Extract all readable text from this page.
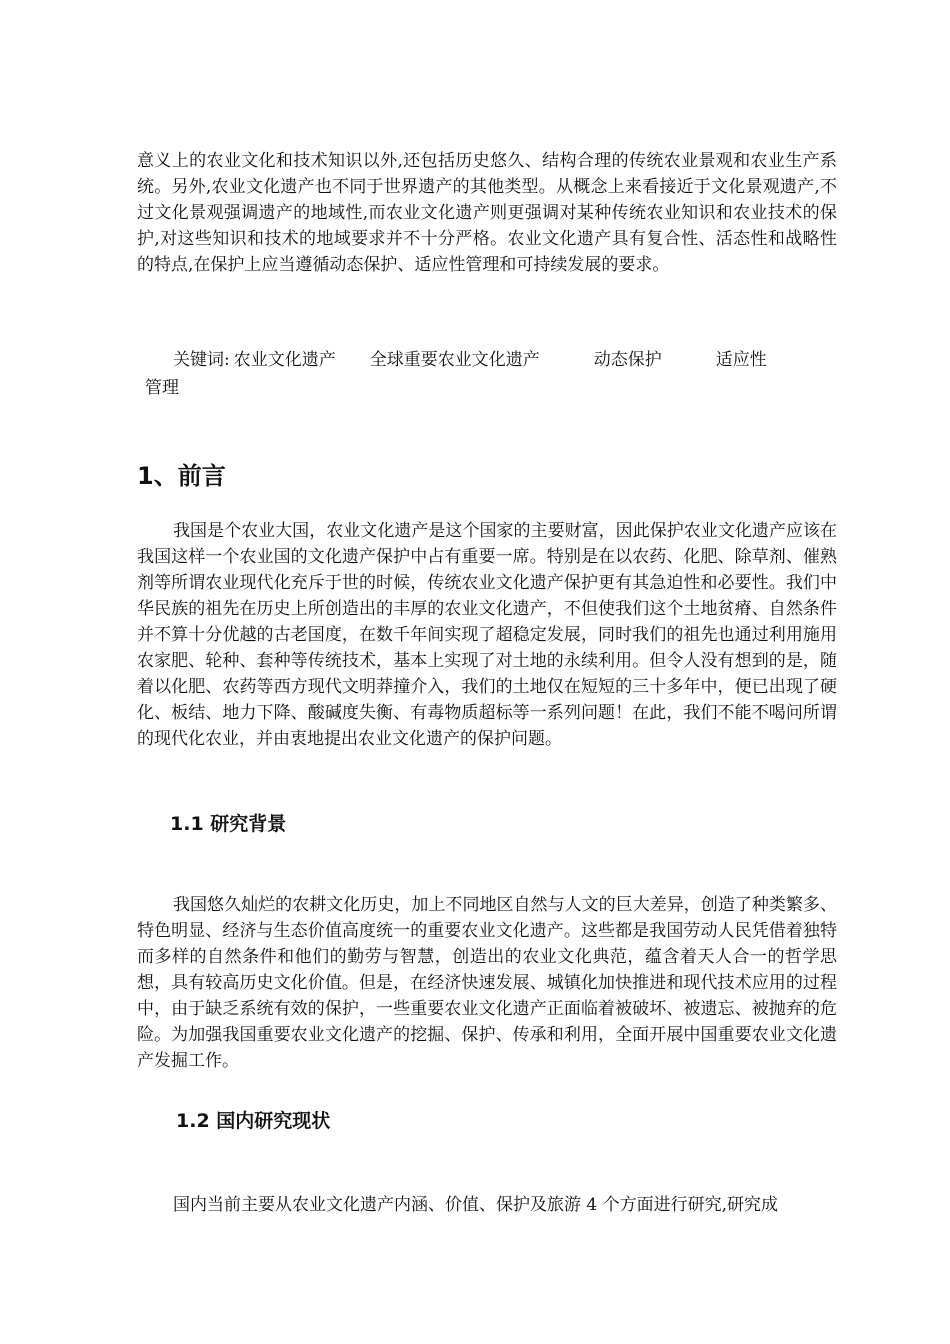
意义上的农业文化和技术知识以外,还包括历史悠久、结构合理的传统农业景观和农业生产系统。另外,农业文化遗产也不同于世界遗产的其他类型。从概念上来看接近于文化景观遗产,不过文化景观强调遗产的地域性,而农业文化遗产则更强调对某种传统农业知识和农业技术的保护,对这些知识和技术的地域要求并不十分严格。农业文化遗产具有复合性、活态性和战略性的特点,在保护上应当遵循动态保护、适应性管理和可持续发展的要求。

关键词: 农业文化遗产 全球重要农业文化遗产	动态保护	适应性
管理
1、前言

我国是个农业大国，农业文化遗产是这个国家的主要财富，因此保护农业文化遗产应该在我国这样一个农业国的文化遗产保护中占有重要一席。特别是在以农药、化肥、除草剂、催熟剂等所谓农业现代化充斥于世的时候，传统农业文化遗产保护更有其急迫性和必要性。我们中华民族的祖先在历史上所创造出的丰厚的农业文化遗产，不但使我们这个土地贫瘠、自然条件并不算十分优越的古老国度，在数千年间实现了超稳定发展，同时我们的祖先也通过利用施用农家肥、轮种、套种等传统技术，基本上实现了对土地的永续利用。但令人没有想到的是，随着以化肥、农药等西方现代文明莽撞介入，我们的土地仅在短短的三十多年中，便已出现了硬化、板结、地力下降、酸碱度失衡、有毒物质超标等一系列问题！在此，我们不能不喝问所谓的现代化农业，并由衷地提出农业文化遗产的保护问题。

1.1 研究背景

我国悠久灿烂的农耕文化历史，加上不同地区自然与人文的巨大差异，创造了种类繁多、特色明显、经济与生态价值高度统一的重要农业文化遗产。这些都是我国劳动人民凭借着独特而多样的自然条件和他们的勤劳与智慧，创造出的农业文化典范，蕴含着天人合一的哲学思想，具有较高历史文化价值。但是，在经济快速发展、城镇化加快推进和现代技术应用的过程中，由于缺乏系统有效的保护，一些重要农业文化遗产正面临着被破坏、被遗忘、被抛弃的危险。为加强我国重要农业文化遗产的挖掘、保护、传承和利用，全面开展中国重要农业文化遗产发掘工作。

1.2 国内研究现状

国内当前主要从农业文化遗产内涵、价值、保护及旅游 4 个方面进行研究,研究成
